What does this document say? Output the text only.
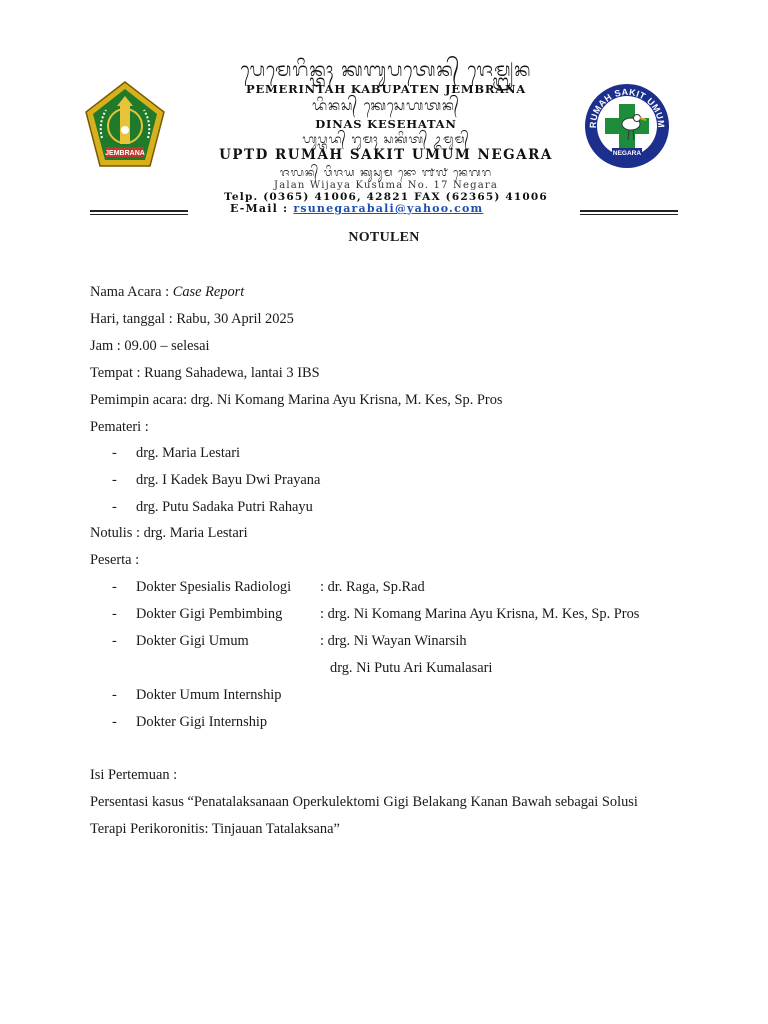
JEMBRANA
ᬧᬾᬫᬾᬭᬶᬦ᭄ᬢᬄ ᬓᬩᬸᬧᬢᬾᬦ᭄ ᬚᬾᬫ᭄ᬩ᭄ᬭᬦ
PEMERINTAH KABUPATEN JEMBRANA
ᬤᬶᬦᬲ᭄ ᬓᬾᬲᬾᬳᬢᬦ᭄
DINAS KESEHATAN
ᬳᬸᬧ᭄ᬢᬤ᭄ ᬭᬸᬫᬄ ᬲᬓᬶᬢ᭄ ᬉᬫᬸᬫ᭄
UPTD RUMAH SAKIT UMUM NEGARA
ᬚᬮᬦ᭄ ᬯᬶᬚᬬ ᬓᬸᬲᬸᬫ ᬦᭀ ᭑᭗ ᬦᬾᬕᬭ
Jalan Wijaya Kusuma No. 17 Negara
Telp. (0365) 41006, 42821 FAX (62365) 41006
E-Mail : rsunegarabali@yahoo.com
RUMAH SAKIT UMUM
NEGARA
NOTULEN
Nama Acara : Case Report
Hari, tanggal : Rabu, 30 April 2025
Jam : 09.00 – selesai
Tempat : Ruang Sahadewa, lantai 3 IBS
Pemimpin acara: drg. Ni Komang Marina Ayu Krisna, M. Kes, Sp. Pros
Pemateri :
- drg. Maria Lestari
- drg. I Kadek Bayu Dwi Prayana
- drg. Putu Sadaka Putri Rahayu
Notulis : drg. Maria Lestari
Peserta :
- Dokter Spesialis Radiologi : dr. Raga, Sp.Rad
- Dokter Gigi Pembimbing	: drg. Ni Komang Marina Ayu Krisna, M. Kes, Sp. Pros
- Dokter Gigi Umum	: drg. Ni Wayan Winarsih
drg. Ni Putu Ari Kumalasari
- Dokter Umum Internship
- Dokter Gigi Internship
Isi Pertemuan :
Persentasi kasus “Penatalaksanaan Operkulektomi Gigi Belakang Kanan Bawah sebagai Solusi
Terapi Perikoronitis: Tinjauan Tatalaksana”
